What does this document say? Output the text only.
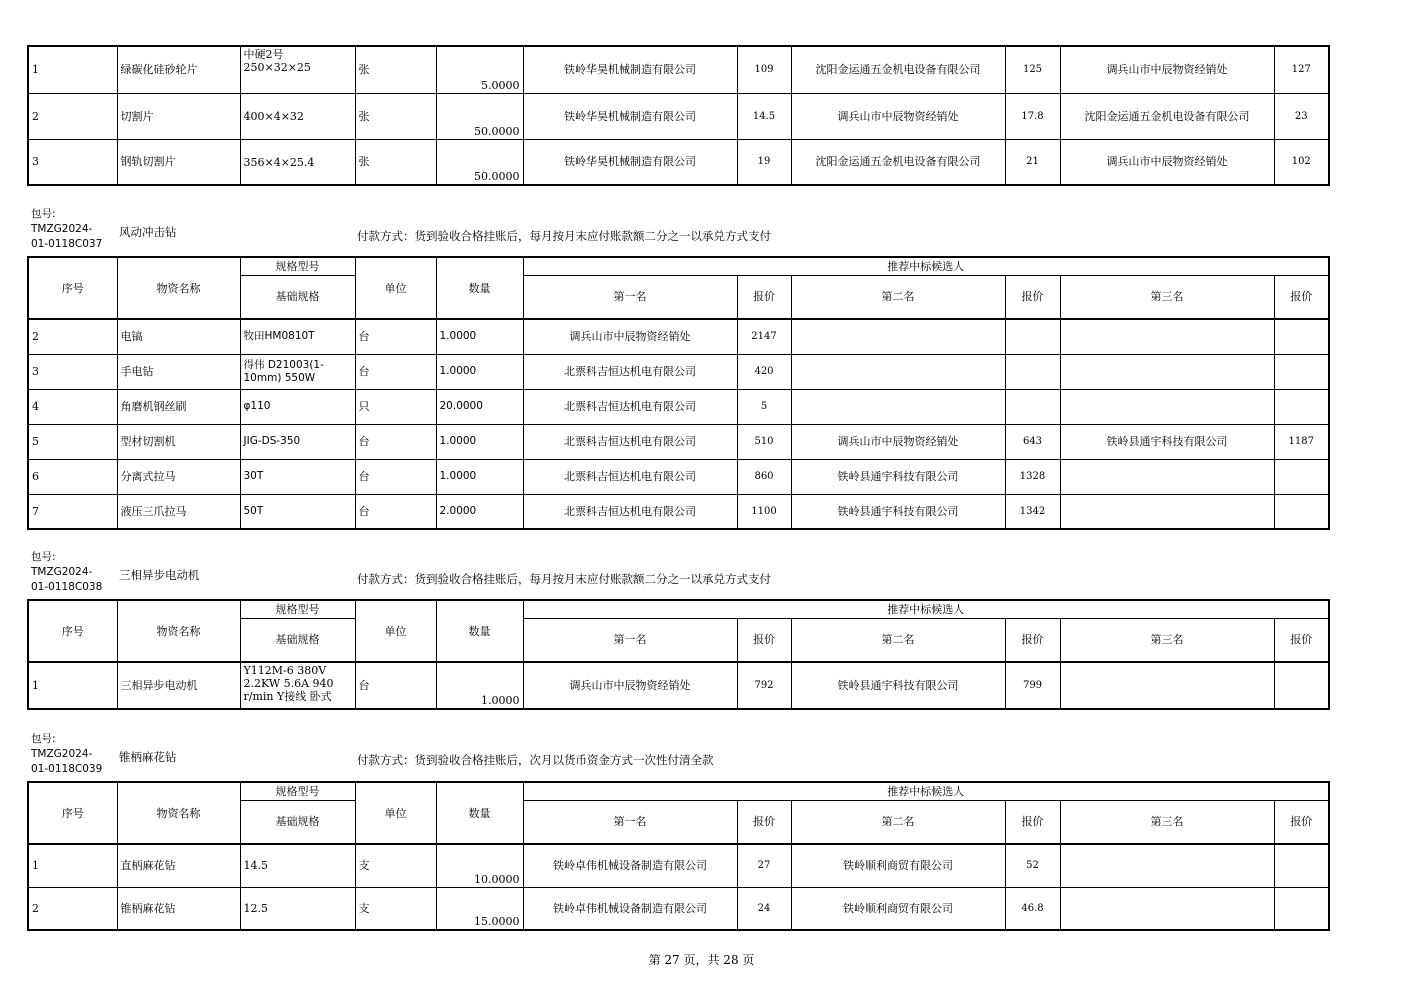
1	绿碳化硅砂轮片	中硬2号
250×32×25	张	5.0000	铁岭华昊机械制造有限公司	109	沈阳金运通五金机电设备有限公司	125	调兵山市中辰物资经销处	127
2	切割片	400×4×32	张	50.0000	铁岭华昊机械制造有限公司	14.5	调兵山市中辰物资经销处	17.8	沈阳金运通五金机电设备有限公司	23
3	钢轨切割片	356×4×25.4	张	50.0000	铁岭华昊机械制造有限公司	19	沈阳金运通五金机电设备有限公司	21	调兵山市中辰物资经销处	102
包号:
TMZG2024-
01-0118C037
风动冲击钻	付款方式：货到验收合格挂账后，每月按月末应付账款额二分之一以承兑方式支付
序号	物资名称	规格型号	单位	数量	推荐中标候选人					
		基础规格			第一名	报价	第二名	报价	第三名	报价
2	电镐	牧田HM0810T	台	1.0000	调兵山市中辰物资经销处	2147				
3	手电钻	得伟 D21003(1-10mm) 550W	台	1.0000	北票科吉恒达机电有限公司	420				
4	角磨机钢丝刷	φ110	只	20.0000	北票科吉恒达机电有限公司	5				
5	型材切割机	JIG-DS-350	台	1.0000	北票科吉恒达机电有限公司	510	调兵山市中辰物资经销处	643	铁岭县通宇科技有限公司	1187
6	分离式拉马	30T	台	1.0000	北票科吉恒达机电有限公司	860	铁岭县通宇科技有限公司	1328		
7	液压三爪拉马	50T	台	2.0000	北票科吉恒达机电有限公司	1100	铁岭县通宇科技有限公司	1342		
包号:
TMZG2024-
01-0118C038
三相异步电动机	付款方式：货到验收合格挂账后，每月按月末应付账款额二分之一以承兑方式支付
序号	物资名称	规格型号	单位	数量	推荐中标候选人					
		基础规格			第一名	报价	第二名	报价	第三名	报价
1	三相异步电动机	Y112M-6 380V 2.2KW 5.6A 940 r/min Y接线 卧式	台	1.0000	调兵山市中辰物资经销处	792	铁岭县通宇科技有限公司	799		
包号:
TMZG2024-
01-0118C039
锥柄麻花钻	付款方式：货到验收合格挂账后，次月以货币资金方式一次性付清全款
序号	物资名称	规格型号	单位	数量	推荐中标候选人					
		基础规格			第一名	报价	第二名	报价	第三名	报价
1	直柄麻花钻	14.5	支	10.0000	铁岭卓伟机械设备制造有限公司	27	铁岭顺利商贸有限公司	52		
2	锥柄麻花钻	12.5	支	15.0000	铁岭卓伟机械设备制造有限公司	24	铁岭顺利商贸有限公司	46.8		
第 27 页，共 28 页
